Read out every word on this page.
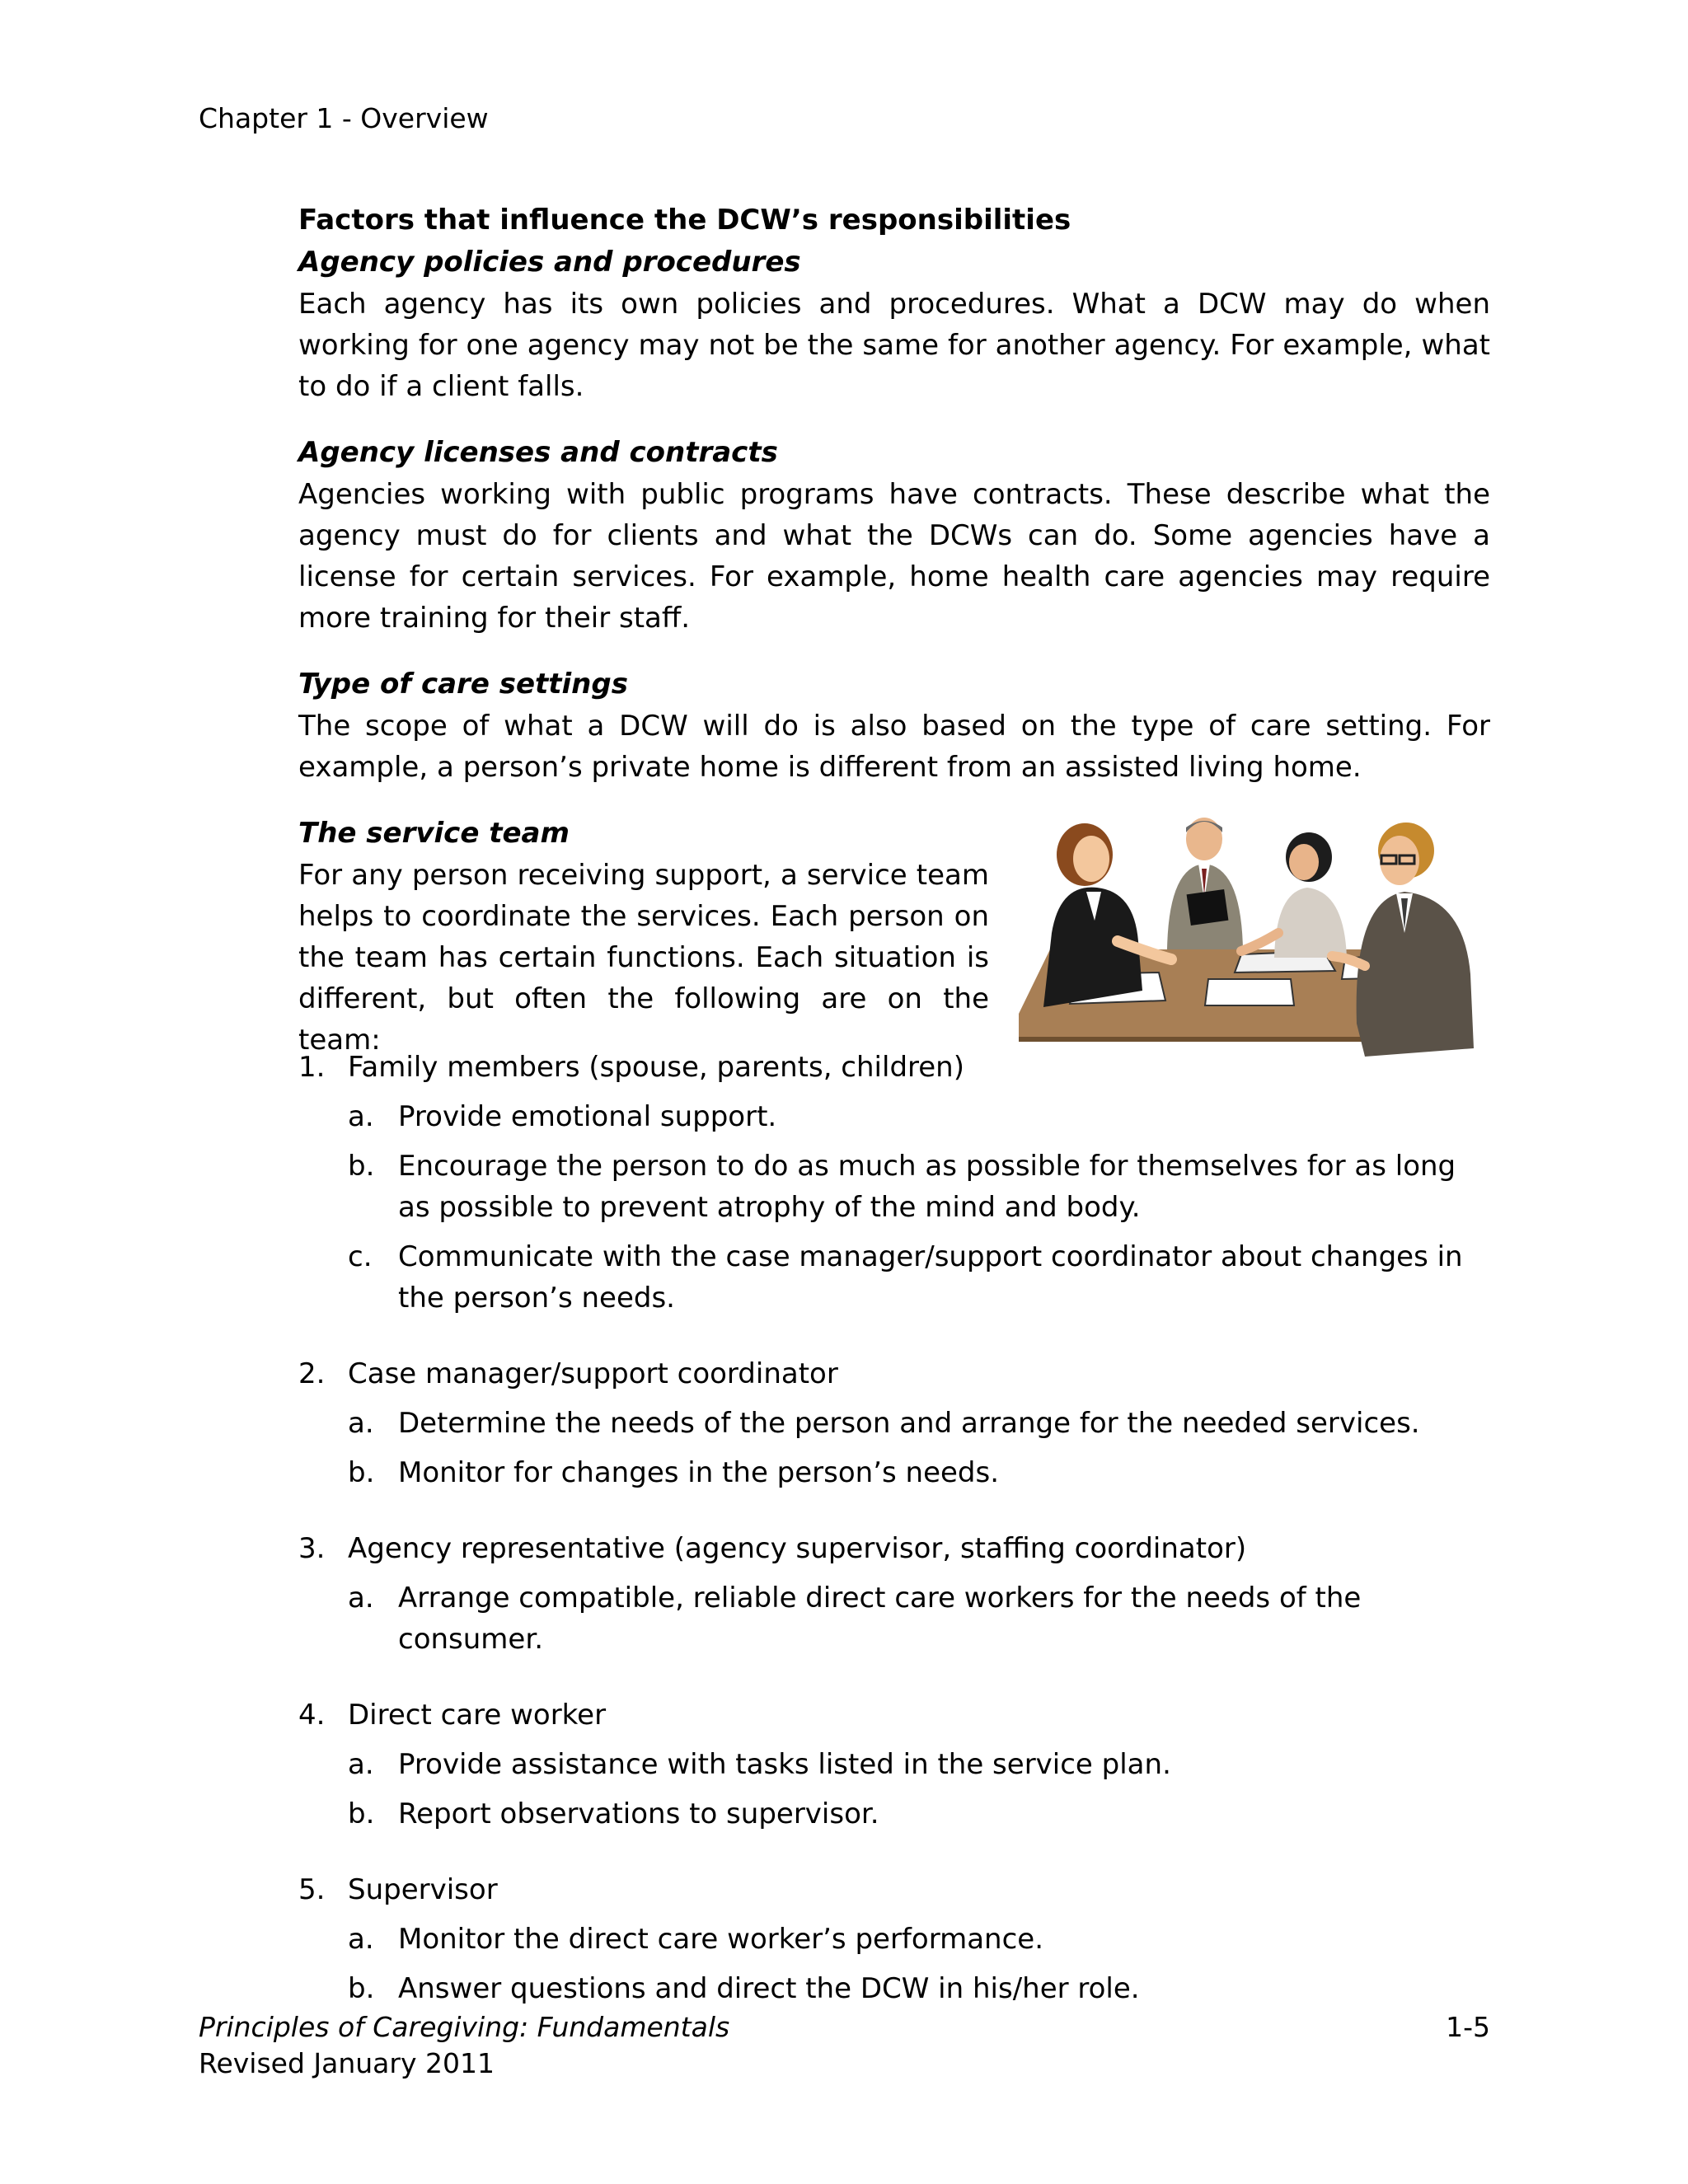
Chapter 1 - Overview

Factors that influence the DCW’s responsibilities

Agency policies and procedures

Each agency has its own policies and procedures. What a DCW may do when working for one agency may not be the same for another agency. For example, what to do if a client falls.

Agency licenses and contracts

Agencies working with public programs have contracts. These describe what the agency must do for clients and what the DCWs can do. Some agencies have a license for certain services. For example, home health care agencies may require more training for their staff.

Type of care settings

The scope of what a DCW will do is also based on the type of care setting. For example, a person’s private home is different from an assisted living home.

The service team

For any person receiving support, a service team helps to coordinate the services. Each person on the team has certain functions. Each situation is different, but often the following are on the team:

1. Family members (spouse, parents, children)
a. Provide emotional support.
b. Encourage the person to do as much as possible for themselves for as long as possible to prevent atrophy of the mind and body.
c. Communicate with the case manager/support coordinator about changes in the person’s needs.
2. Case manager/support coordinator
a. Determine the needs of the person and arrange for the needed services.
b. Monitor for changes in the person’s needs.
3. Agency representative (agency supervisor, staffing coordinator)
a. Arrange compatible, reliable direct care workers for the needs of the consumer.
4. Direct care worker
a. Provide assistance with tasks listed in the service plan.
b. Report observations to supervisor.
5. Supervisor
a. Monitor the direct care worker’s performance.
b. Answer questions and direct the DCW in his/her role.
Principles of Caregiving: Fundamentals
Revised January 2011
1-5
